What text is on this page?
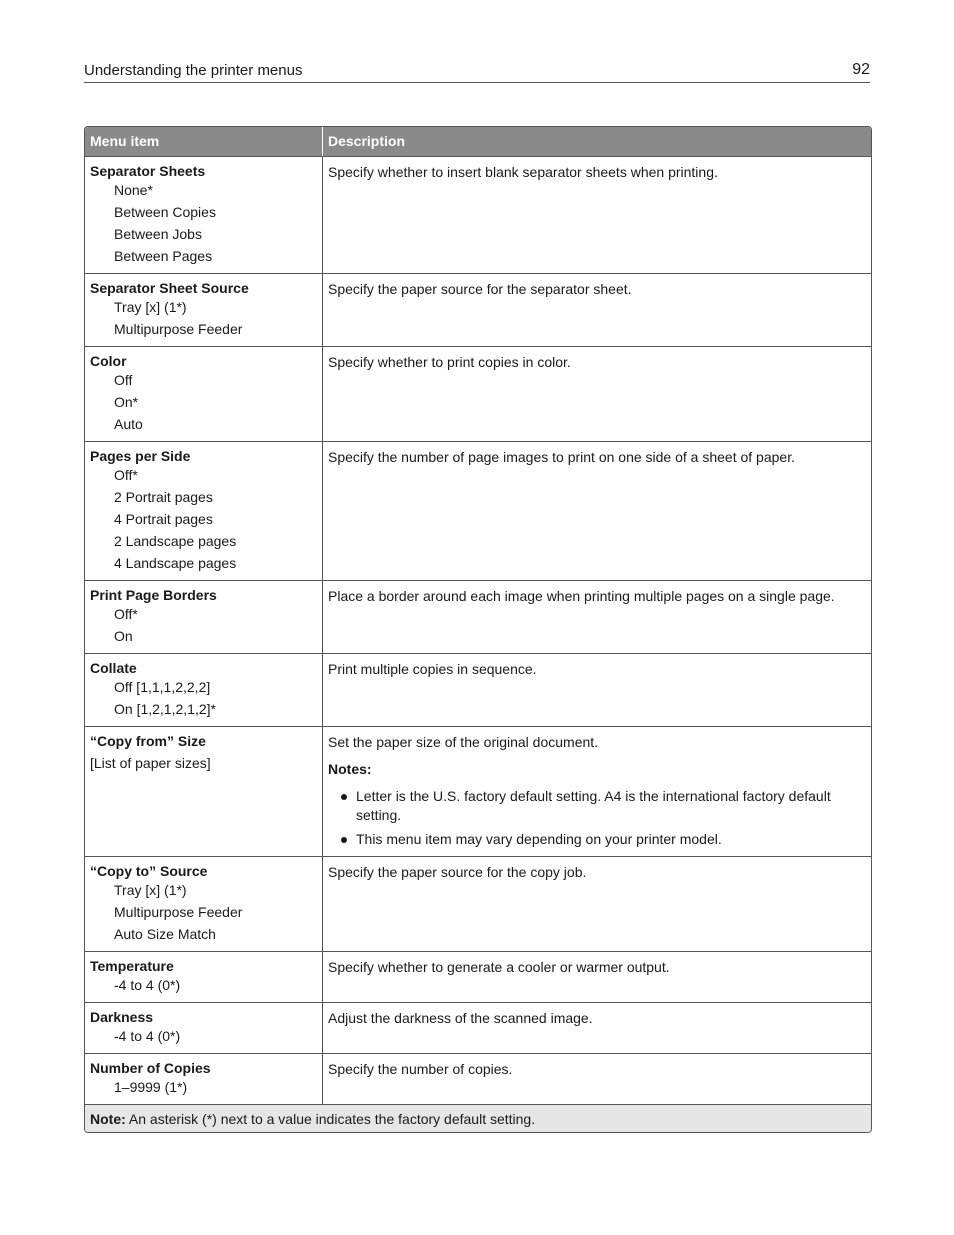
Understanding the printer menus	92
Menu item	Description
Separator Sheets
None*
Between Copies
Between Jobs
Between Pages
Specify whether to insert blank separator sheets when printing.
Separator Sheet Source
Tray [x] (1*)
Multipurpose Feeder
Specify the paper source for the separator sheet.
Color
Off
On*
Auto
Specify whether to print copies in color.
Pages per Side
Off*
2 Portrait pages
4 Portrait pages
2 Landscape pages
4 Landscape pages
Specify the number of page images to print on one side of a sheet of paper.
Print Page Borders
Off*
On
Place a border around each image when printing multiple pages on a single page.
Collate
Off [1,1,1,2,2,2]
On [1,2,1,2,1,2]*
Print multiple copies in sequence.
“Copy from” Size
[List of paper sizes]
Set the paper size of the original document.
Notes:
Letter is the U.S. factory default setting. A4 is the international factory default setting.
This menu item may vary depending on your printer model.
“Copy to” Source
Tray [x] (1*)
Multipurpose Feeder
Auto Size Match
Specify the paper source for the copy job.
Temperature
-4 to 4 (0*)
Specify whether to generate a cooler or warmer output.
Darkness
-4 to 4 (0*)
Adjust the darkness of the scanned image.
Number of Copies
1–9999 (1*)
Specify the number of copies.
Note: An asterisk (*) next to a value indicates the factory default setting.
